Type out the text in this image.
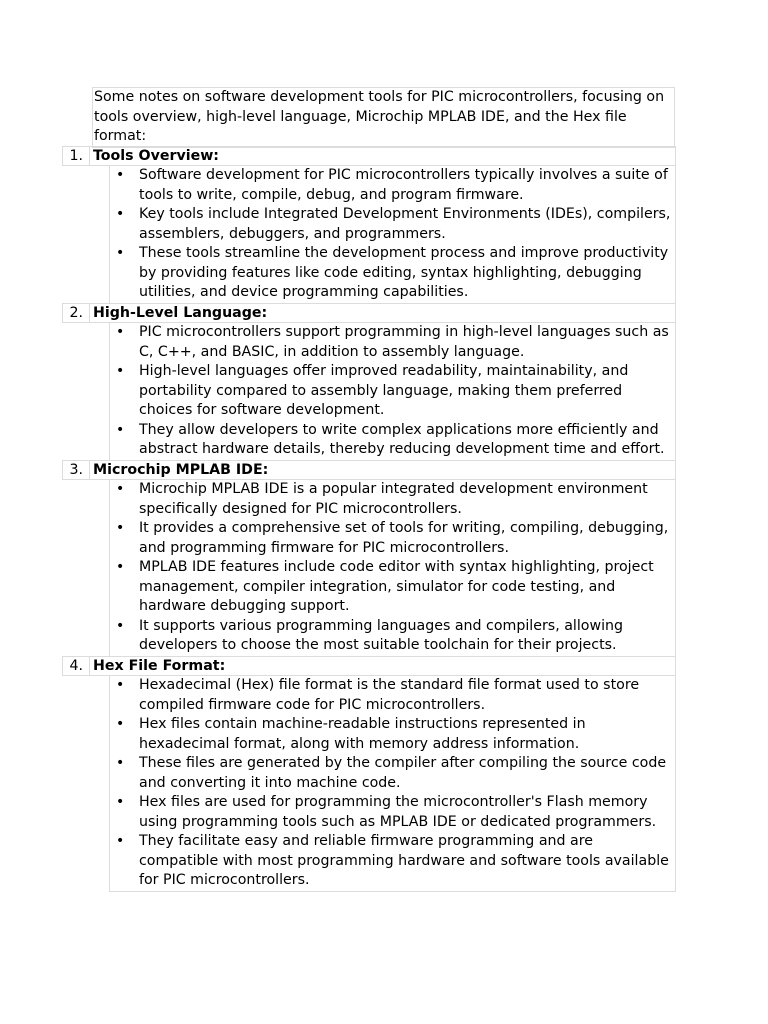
Some notes on software development tools for PIC microcontrollers, focusing on tools overview, high-level language, Microchip MPLAB IDE, and the Hex file format:
1. Tools Overview:
• Software development for PIC microcontrollers typically involves a suite of tools to write, compile, debug, and program firmware.
• Key tools include Integrated Development Environments (IDEs), compilers, assemblers, debuggers, and programmers.
• These tools streamline the development process and improve productivity by providing features like code editing, syntax highlighting, debugging utilities, and device programming capabilities.
2. High-Level Language:
• PIC microcontrollers support programming in high-level languages such as C, C++, and BASIC, in addition to assembly language.
• High-level languages offer improved readability, maintainability, and portability compared to assembly language, making them preferred choices for software development.
• They allow developers to write complex applications more efficiently and abstract hardware details, thereby reducing development time and effort.
3. Microchip MPLAB IDE:
• Microchip MPLAB IDE is a popular integrated development environment specifically designed for PIC microcontrollers.
• It provides a comprehensive set of tools for writing, compiling, debugging, and programming firmware for PIC microcontrollers.
• MPLAB IDE features include code editor with syntax highlighting, project management, compiler integration, simulator for code testing, and hardware debugging support.
• It supports various programming languages and compilers, allowing developers to choose the most suitable toolchain for their projects.
4. Hex File Format:
• Hexadecimal (Hex) file format is the standard file format used to store compiled firmware code for PIC microcontrollers.
• Hex files contain machine-readable instructions represented in hexadecimal format, along with memory address information.
• These files are generated by the compiler after compiling the source code and converting it into machine code.
• Hex files are used for programming the microcontroller's Flash memory using programming tools such as MPLAB IDE or dedicated programmers.
• They facilitate easy and reliable firmware programming and are compatible with most programming hardware and software tools available for PIC microcontrollers.
